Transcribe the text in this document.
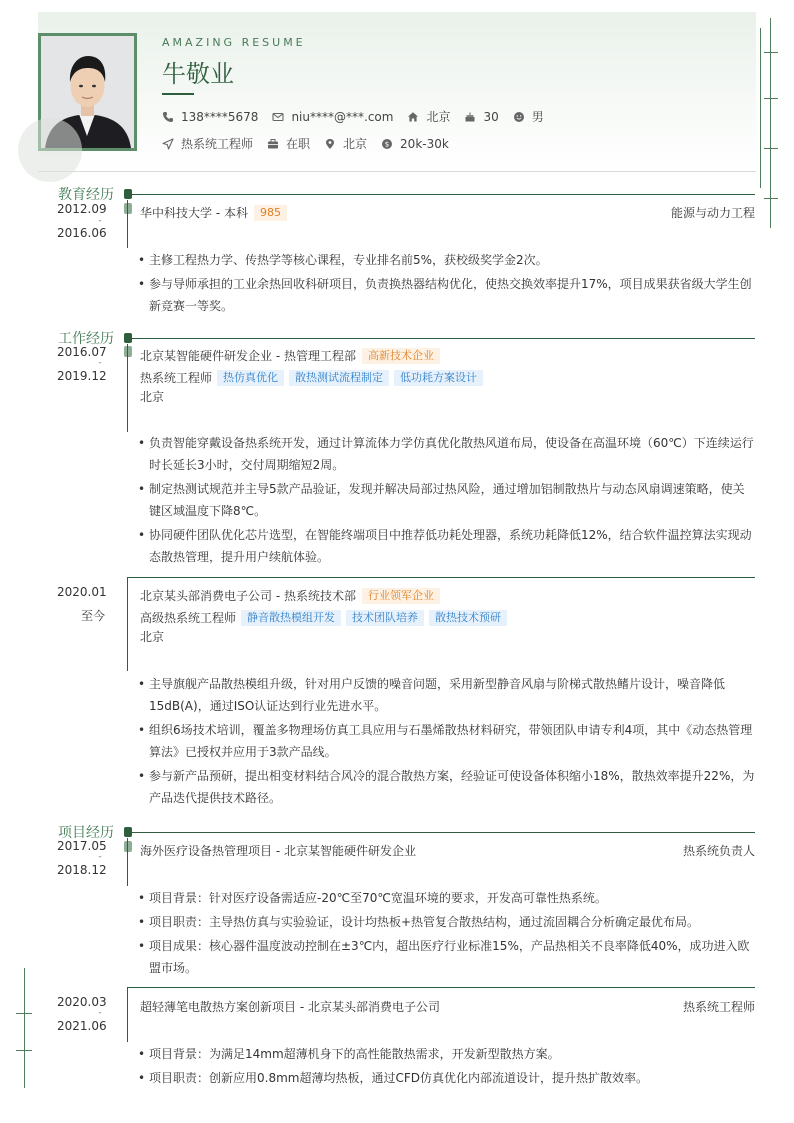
AMAZING RESUME
牛敬业
138****5678	niu****@***.com	北京	30	男
热系统工程师	在职	北京	$ 20k-30k
教育经历
2012.09
-
2016.06
华中科技大学 - 本科	985	能源与动力工程
• 主修工程热力学、传热学等核心课程，专业排名前5%，获校级奖学金2次。
• 参与导师承担的工业余热回收科研项目，负责换热器结构优化，使热交换效率提升17%，项目成果获省级大学生创新竞赛一等奖。
工作经历
2016.07
-
2019.12
北京某智能硬件研发企业 - 热管理工程部	高新技术企业
热系统工程师	热仿真优化	散热测试流程制定	低功耗方案设计
北京
• 负责智能穿戴设备热系统开发，通过计算流体力学仿真优化散热风道布局，使设备在高温环境（60℃）下连续运行时长延长3小时，交付周期缩短2周。
• 制定热测试规范并主导5款产品验证，发现并解决局部过热风险，通过增加铝制散热片与动态风扇调速策略，使关键区域温度下降8℃。
• 协同硬件团队优化芯片选型，在智能终端项目中推荐低功耗处理器，系统功耗降低12%，结合软件温控算法实现动态散热管理，提升用户续航体验。
2020.01
至今
北京某头部消费电子公司 - 热系统技术部	行业领军企业
高级热系统工程师	静音散热模组开发	技术团队培养	散热技术预研
北京
• 主导旗舰产品散热模组升级，针对用户反馈的噪音问题，采用新型静音风扇与阶梯式散热鳍片设计，噪音降低15dB(A)，通过ISO认证达到行业先进水平。
• 组织6场技术培训，覆盖多物理场仿真工具应用与石墨烯散热材料研究，带领团队申请专利4项，其中《动态热管理算法》已授权并应用于3款产品线。
• 参与新产品预研，提出相变材料结合风冷的混合散热方案，经验证可使设备体积缩小18%，散热效率提升22%，为产品迭代提供技术路径。
项目经历
2017.05
-
2018.12
海外医疗设备热管理项目 - 北京某智能硬件研发企业	热系统负责人
• 项目背景：针对医疗设备需适应-20℃至70℃宽温环境的要求，开发高可靠性热系统。
• 项目职责：主导热仿真与实验验证，设计均热板+热管复合散热结构，通过流固耦合分析确定最优布局。
• 项目成果：核心器件温度波动控制在±3℃内，超出医疗行业标准15%，产品热相关不良率降低40%，成功进入欧盟市场。
2020.03
-
2021.06
超轻薄笔电散热方案创新项目 - 北京某头部消费电子公司	热系统工程师
• 项目背景：为满足14mm超薄机身下的高性能散热需求，开发新型散热方案。
• 项目职责：创新应用0.8mm超薄均热板，通过CFD仿真优化内部流道设计，提升热扩散效率。
